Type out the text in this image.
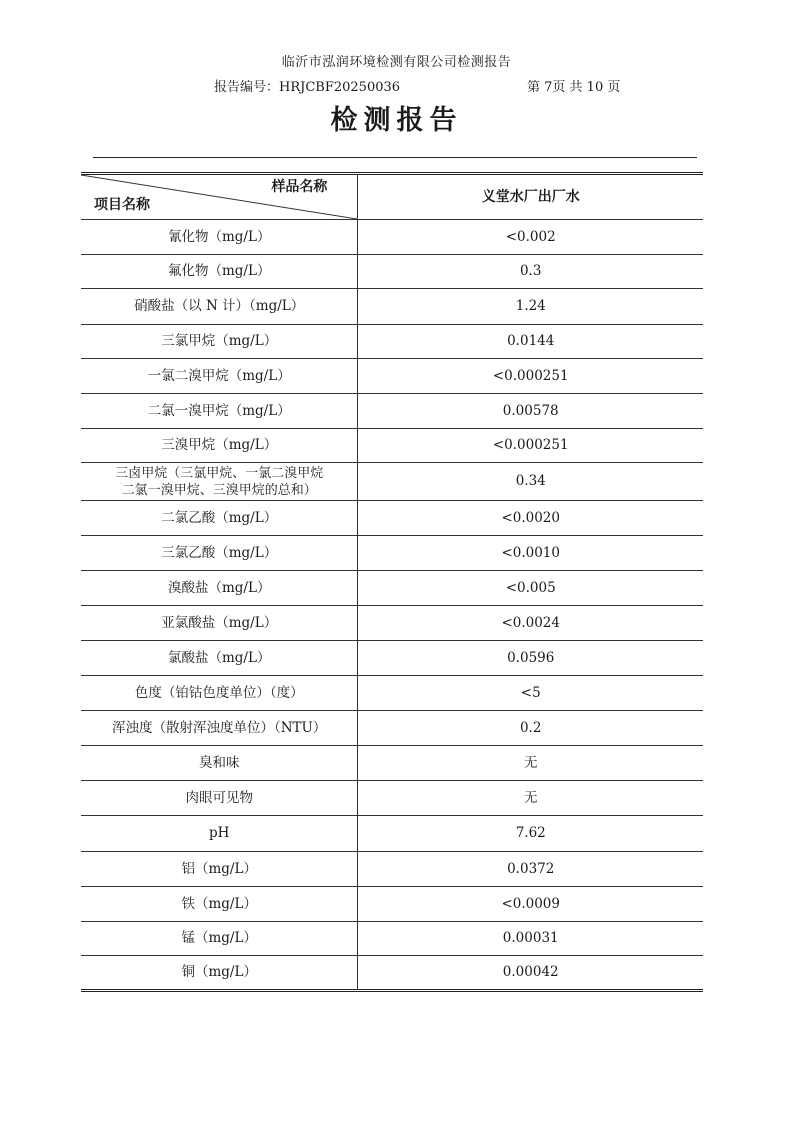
临沂市泓润环境检测有限公司检测报告
报告编号：HRJCBF20250036	第 7页 共 10 页
检测报告
样品名称
项目名称	义堂水厂出厂水
氰化物（mg/L）	<0.002
氟化物（mg/L）	0.3
硝酸盐（以 N 计）（mg/L）	1.24
三氯甲烷（mg/L）	0.0144
一氯二溴甲烷（mg/L）	<0.000251
二氯一溴甲烷（mg/L）	0.00578
三溴甲烷（mg/L）	<0.000251
三卤甲烷（三氯甲烷、一氯二溴甲烷
二氯一溴甲烷、三溴甲烷的总和）	0.34
二氯乙酸（mg/L）	<0.0020
三氯乙酸（mg/L）	<0.0010
溴酸盐（mg/L）	<0.005
亚氯酸盐（mg/L）	<0.0024
氯酸盐（mg/L）	0.0596
色度（铂钴色度单位）（度）	<5
浑浊度（散射浑浊度单位）（NTU）	0.2
臭和味	无
肉眼可见物	无
pH	7.62
铝（mg/L）	0.0372
铁（mg/L）	<0.0009
锰（mg/L）	0.00031
铜（mg/L）	0.00042
